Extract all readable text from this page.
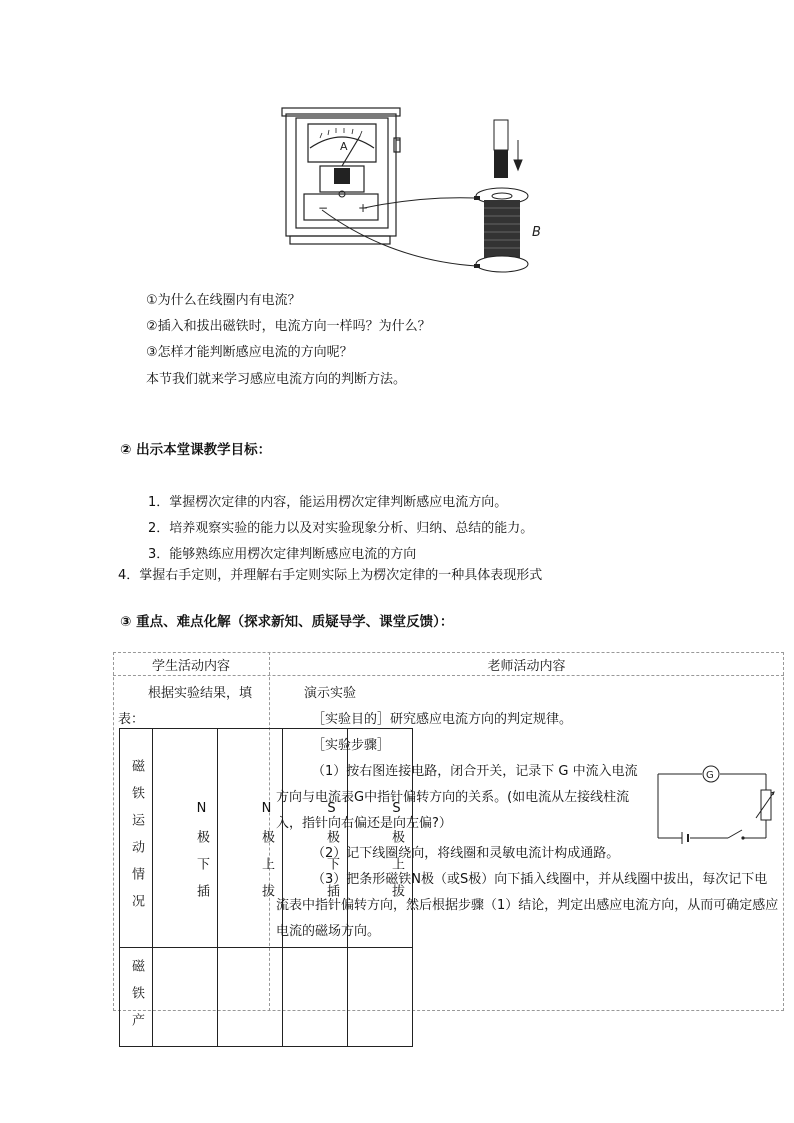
A
− +
B
①为什么在线圈内有电流？
②插入和拔出磁铁时，电流方向一样吗？为什么？
③怎样才能判断感应电流的方向呢？
本节我们就来学习感应电流方向的判断方法。
② 出示本堂课教学目标：
1．掌握楞次定律的内容，能运用楞次定律判断感应电流方向。
2．培养观察实验的能力以及对实验现象分析、归纳、总结的能力。
3．能够熟练应用楞次定律判断感应电流的方向
4．掌握右手定则，并理解右手定则实际上为楞次定律的一种具体表现形式
③ 重点、难点化解（探求新知、质疑导学、课堂反馈）：
学生活动内容	老师活动内容
根据实验结果，填表：
磁铁运动情况	N极下插	N极上拔	S极下插	S极上拔
磁铁产				
演示实验
［实验目的］研究感应电流方向的判定规律。
［实验步骤］
（1）按右图连接电路，闭合开关，记录下 G 中流入电流方向与电流表G中指针偏转方向的关系。(如电流从左接线柱流入，指针向右偏还是向左偏?）
（2）记下线圈绕向，将线圈和灵敏电流计构成通路。
（3）把条形磁铁N极（或S极）向下插入线圈中，并从线圈中拔出，每次记下电流表中指针偏转方向，然后根据步骤（1）结论，判定出感应电流方向，从而可确定感应电流的磁场方向。
G
